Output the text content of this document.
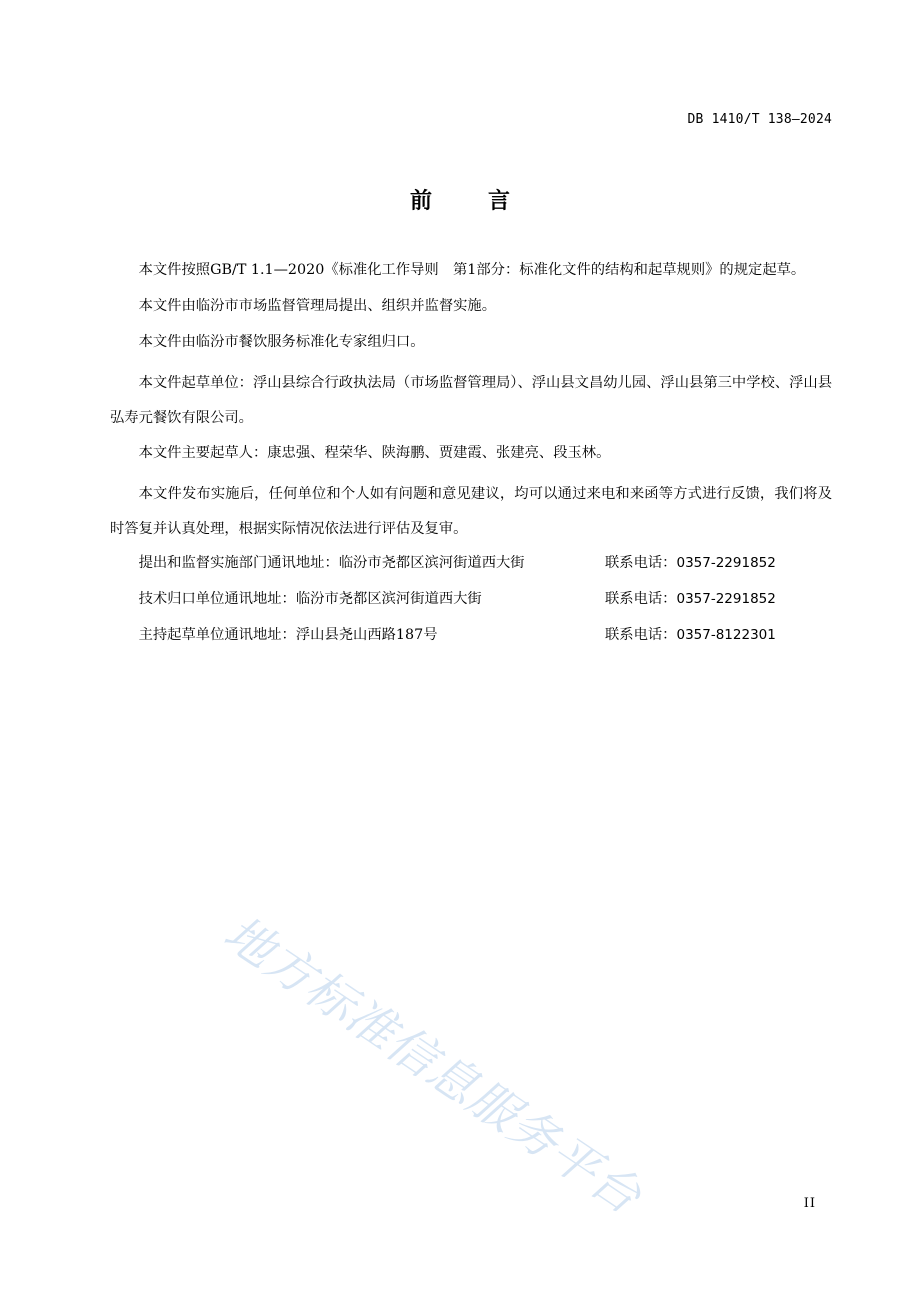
DB 1410/T 138—2024
前言

本文件按照GB/T 1.1—2020《标准化工作导则　第1部分：标准化文件的结构和起草规则》的规定起草。

本文件由临汾市市场监督管理局提出、组织并监督实施。

本文件由临汾市餐饮服务标准化专家组归口。

本文件起草单位：浮山县综合行政执法局（市场监督管理局）、浮山县文昌幼儿园、浮山县第三中学校、浮山县弘寿元餐饮有限公司。

本文件主要起草人：康忠强、程荣华、陕海鹏、贾建霞、张建亮、段玉林。

本文件发布实施后，任何单位和个人如有问题和意见建议，均可以通过来电和来函等方式进行反馈，我们将及时答复并认真处理，根据实际情况依法进行评估及复审。

提出和监督实施部门通讯地址：临汾市尧都区滨河街道西大街	联系电话：0357-2291852
技术归口单位通讯地址：临汾市尧都区滨河街道西大街	联系电话：0357-2291852
主持起草单位通讯地址：浮山县尧山西路187号	联系电话：0357-8122301
地方标准信息服务平台	II
